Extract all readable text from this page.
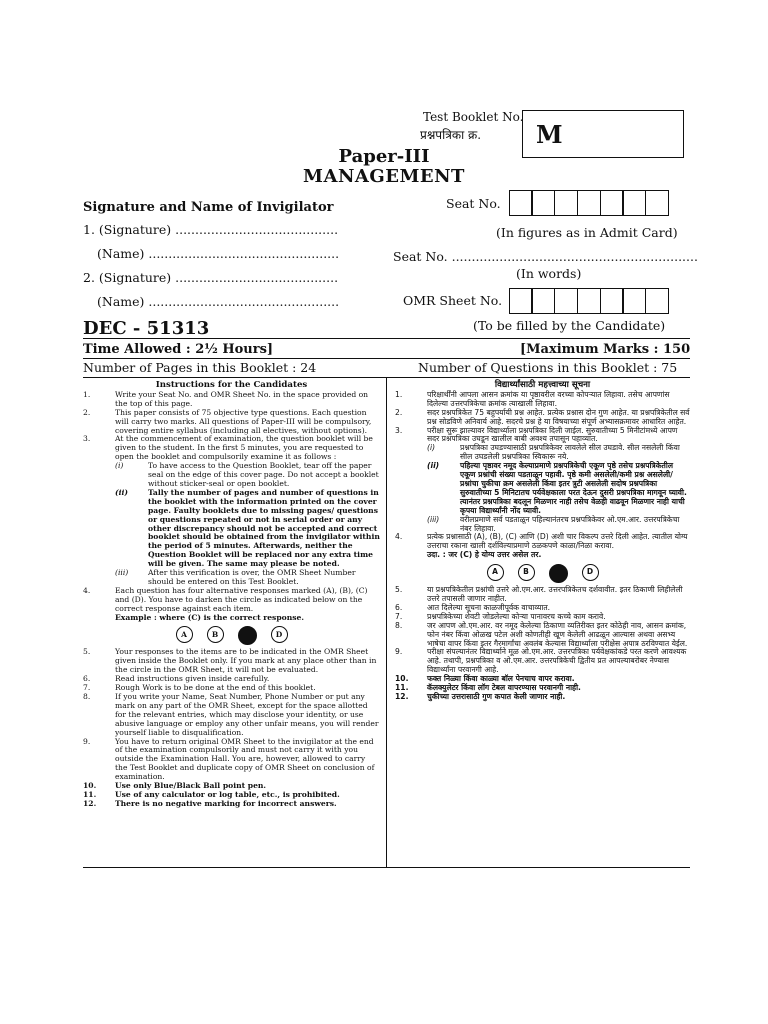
Test Booklet No.
प्रश्नपत्रिका क्र. M
Paper-III
MANAGEMENT
Signature and Name of Invigilator
1. (Signature) .........................................
(Name) ................................................
2. (Signature) .........................................
(Name) ................................................
Seat No.
(In figures as in Admit Card)
Seat No. ..............................................................
(In words)
OMR Sheet No.
(To be filled by the Candidate)
DEC - 51313
Time Allowed : 2½ Hours]	[Maximum Marks : 150
Number of Pages in this Booklet : 24	Number of Questions in this Booklet : 75
Instructions for the Candidates
1.	Write your Seat No. and OMR Sheet No. in the space provided on the top of this page.
2.	This paper consists of 75 objective type questions. Each question will carry two marks. All questions of Paper-III will be compulsory, covering entire syllabus (including all electives, without options).
3.	At the commencement of examination, the question booklet will be given to the student. In the first 5 minutes, you are requested to open the booklet and compulsorily examine it as follows :
(i)	To have access to the Question Booklet, tear off the paper seal on the edge of this cover page. Do not accept a booklet without sticker-seal or open booklet.
(ii)	Tally the number of pages and number of questions in the booklet with the information printed on the cover page. Faulty booklets due to missing pages/ questions or questions repeated or not in serial order or any other discrepancy should not be accepted and correct booklet should be obtained from the invigilator within the period of 5 minutes. Afterwards, neither the Question Booklet will be replaced nor any extra time will be given. The same may please be noted.
(iii)	After this verification is over, the OMR Sheet Number should be entered on this Test Booklet.
4.	Each question has four alternative responses marked (A), (B), (C) and (D). You have to darken the circle as indicated below on the correct response against each item.
Example : where (C) is the correct response.
A	B	D
5.	Your responses to the items are to be indicated in the OMR Sheet given inside the Booklet only. If you mark at any place other than in the circle in the OMR Sheet, it will not be evaluated.
6.	Read instructions given inside carefully.
7.	Rough Work is to be done at the end of this booklet.
8.	If you write your Name, Seat Number, Phone Number or put any mark on any part of the OMR Sheet, except for the space allotted for the relevant entries, which may disclose your identity, or use abusive language or employ any other unfair means, you will render yourself liable to disqualification.
9.	You have to return original OMR Sheet to the invigilator at the end of the examination compulsorily and must not carry it with you outside the Examination Hall. You are, however, allowed to carry the Test Booklet and duplicate copy of OMR Sheet on conclusion of examination.
10.	Use only Blue/Black Ball point pen.
11.	Use of any calculator or log table, etc., is prohibited.
12.	There is no negative marking for incorrect answers.
विद्यार्थ्यांसाठी महत्त्वाच्या सूचना
1.	परिक्षार्थींनी आपला आसन क्रमांक या पृष्ठावरील वरच्या कोपऱ्यात लिहावा. तसेच आपणांस दिलेल्या उत्तरपत्रिकेचा क्रमांक त्याखाली लिहावा.
2.	सदर प्रश्नपत्रिकेत 75 बहुपर्यायी प्रश्न आहेत. प्रत्येक प्रश्नास दोन गुण आहेत. या प्रश्नपत्रिकेतील सर्व प्रश्न सोडविणे अनिवार्य आहे. सदरचे प्रश्न हे या विषयाच्या संपूर्ण अभ्यासक्रमावर आधारित आहेत.
3.	परीक्षा सुरू झाल्यावर विद्यार्थ्याला प्रश्नपत्रिका दिली जाईल. सुरुवातीच्या 5 मिनीटांमध्ये आपण सदर प्रश्नपत्रिका उघडून खालील बाबी अवश्य तपासून पहाव्यात.
(i)	प्रश्नपत्रिका उघडण्यासाठी प्रश्नपत्रिकेवर लावलेले सील उघडावे. सील नसलेली किंवा सील उघडलेली प्रश्नपत्रिका स्विकारू नये.
(ii)	पहिल्या पृष्ठावर नमूद केल्याप्रमाणे प्रश्नपत्रिकेची एकूण पृष्ठे तसेच प्रश्नपत्रिकेतील एकूण प्रश्नांची संख्या पडताळून पहावी. पृष्ठे कमी असलेली/कमी प्रश्न असलेली/प्रश्नांचा चुकीचा क्रम असलेली किंवा इतर त्रुटी असलेली सदोष प्रश्नपत्रिका सुरुवातीच्या 5 मिनिटातच पर्यवेक्षकाला परत देऊन दुसरी प्रश्नपत्रिका मागवून घ्यावी. त्यानंतर प्रश्नपत्रिका बदलून मिळणार नाही तसेच वेळही वाढवून मिळणार नाही याची कृपया विद्यार्थ्यांनी नोंद घ्यावी.
(iii)	वरीलप्रमाणे सर्व पडताळून पहिल्यानंतरच प्रश्नपत्रिकेवर ओ.एम.आर. उत्तरपत्रिकेचा नंबर लिहावा.
4.	प्रत्येक प्रश्नासाठी (A), (B), (C) आणि (D) अशी चार विकल्प उत्तरे दिली आहेत. त्यातील योग्य उत्तराचा रकाना खाली दर्शविल्याप्रमाणे ठळकपणे काळा/निळा करावा.
उदा. : जर (C) हे योग्य उत्तर असेल तर.
A	B	D
5.	या प्रश्नपत्रिकेतील प्रश्नांची उत्तरे ओ.एम.आर. उत्तरपत्रिकेतच दर्शवावीत. इतर ठिकाणी लिहीलेली उत्तरे तपासली जाणार नाहीत.
6.	आत दिलेल्या सूचना काळजीपूर्वक वाचाव्यात.
7.	प्रश्नपत्रिकेच्या शेवटी जोडलेल्या कोऱ्या पानावरच कच्चे काम करावे.
8.	जर आपण ओ.एम.आर. वर नमूद केलेल्या ठिकाणा व्यतिरीक्त इतर कोठेही नाव, आसन क्रमांक, फोन नंबर किंवा ओळख पटेल अशी कोणतीही खूण केलेली आढळून आल्यास अथवा असभ्य भाषेचा वापर किंवा इतर गैरमार्गांचा अवलंब केल्यास विद्यार्थ्याला परीक्षेस अपात्र ठरविण्यात येईल.
9.	परीक्षा संपल्यानंतर विद्यार्थ्याने मूळ ओ.एम.आर. उत्तरपत्रिका पर्यवेक्षकांकडे परत करणे आवश्यक आहे. तथापी, प्रश्नपत्रिका व ओ.एम.आर. उत्तरपत्रिकेची द्वितीय प्रत आपल्याबरोबर नेण्यास विद्यार्थ्यांना परवानगी आहे.
10.	फक्त निळ्या किंवा काळ्या बॉल पेनचाच वापर करावा.
11.	कॅलक्युलेटर किंवा लॉग टेबल वापरण्यास परवानगी नाही.
12.	चुकीच्या उत्तरासाठी गुण कपात केली जाणार नाही.
